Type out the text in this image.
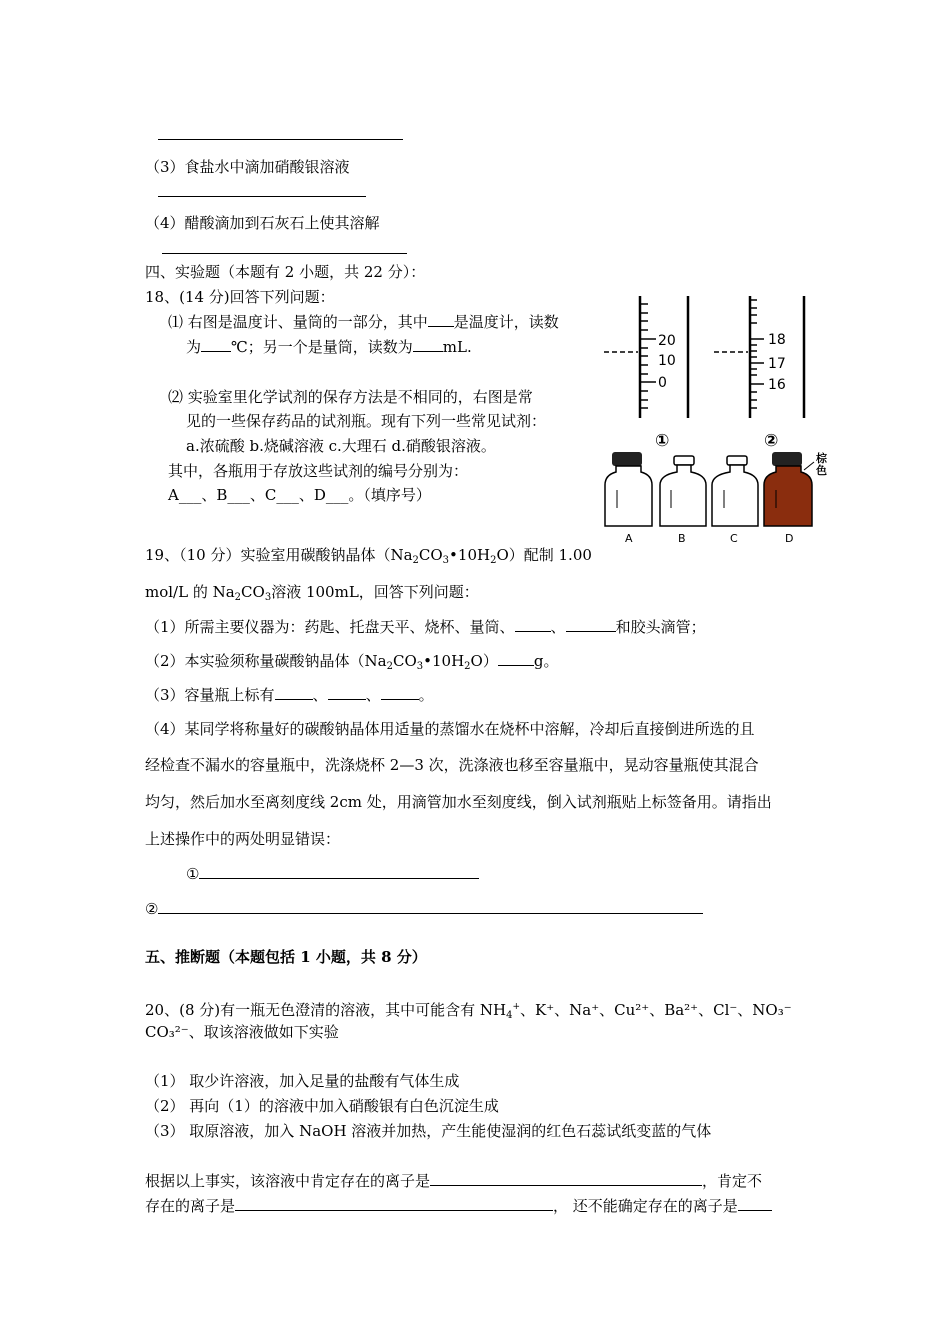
（3）食盐水中滴加硝酸银溶液
（4）醋酸滴加到石灰石上使其溶解
四、实验题（本题有 2 小题，共 22 分）：
18、(14 分)回答下列问题：
⑴ 右图是温度计、量筒的一部分，其中 是温度计，读数
为 ℃；另一个是量筒，读数为 mL.
⑵ 实验室里化学试剂的保存方法是不相同的，右图是常
见的一些保存药品的试剂瓶。现有下列一些常见试剂：
a.浓硫酸 b.烧碱溶液 c.大理石 d.硝酸银溶液。
其中，各瓶用于存放这些试剂的编号分别为：
A___、B___、C___、D___。（填序号）
20
10
0
18
17
16
①	②
棕
色
A	B	C	D
19、（10 分）实验室用碳酸钠晶体$(Na_2CO_3•10H_2O)$配制 1.00
mol/L 的 $Na_2CO_3$溶液 100mL，回答下列问题：
（1）所需主要仪器为：药匙、托盘天平、烧杯、量筒、 、	和胶头滴管；
（2）本实验须称量碳酸钠晶体$(Na_2CO_3•10H_2O)$ g。
（3）容量瓶上标有	、	、	。
（4）某同学将称量好的碳酸钠晶体用适量的蒸馏水在烧杯中溶解，冷却后直接倒进所选的且
经检查不漏水的容量瓶中，洗涤烧杯 2—3 次，洗涤液也移至容量瓶中，晃动容量瓶使其混合
均匀，然后加水至离刻度线 2cm 处，用滴管加水至刻度线，倒入试剂瓶贴上标签备用。请指出
上述操作中的两处明显错误：
①
②
五、推断题（本题包括 1 小题，共 8 分）
20、(8 分)有一瓶无色澄清的溶液，其中可能含有 $NH_4^+$、K⁺、Na⁺、Cu²⁺、Ba²⁺、Cl⁻、NO₃⁻
CO₃²⁻、取该溶液做如下实验
（1） 取少许溶液，加入足量的盐酸有气体生成
（2） 再向（1）的溶液中加入硝酸银有白色沉淀生成
（3） 取原溶液，加入 NaOH 溶液并加热，产生能使湿润的红色石蕊试纸变蓝的气体
根据以上事实，该溶液中肯定存在的离子是	，肯定不
存在的离子是	， 还不能确定存在的离子是
